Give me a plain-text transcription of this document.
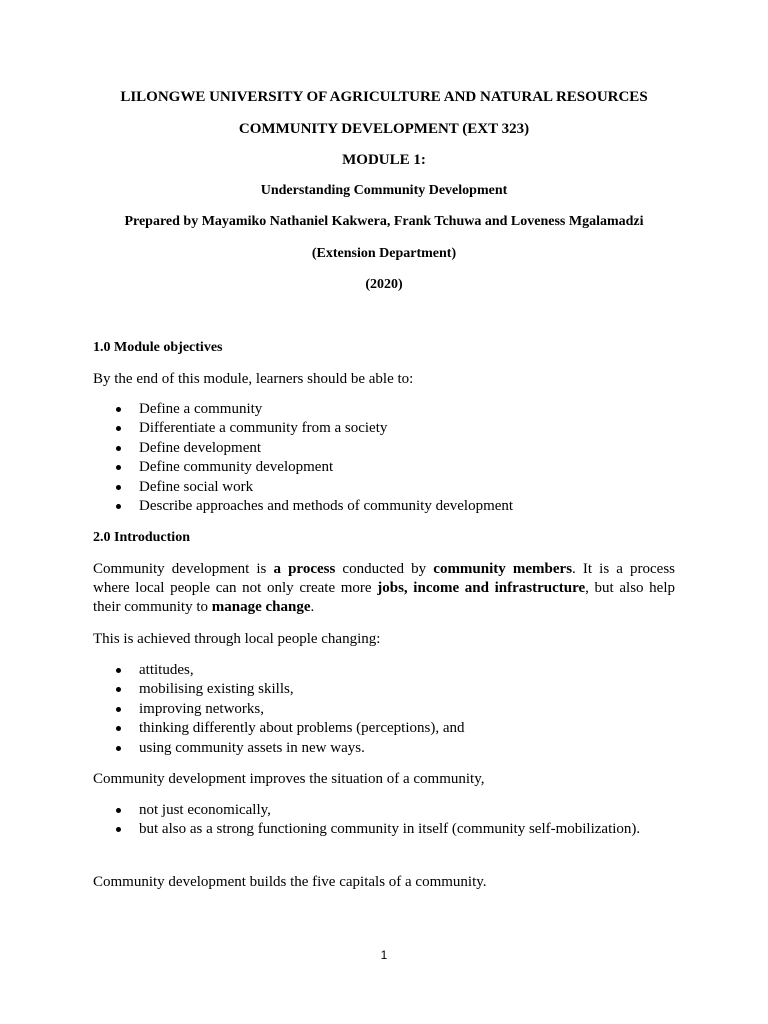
LILONGWE UNIVERSITY OF AGRICULTURE AND NATURAL RESOURCES
COMMUNITY DEVELOPMENT (EXT 323)
MODULE 1:
Understanding Community Development
Prepared by Mayamiko Nathaniel Kakwera, Frank Tchuwa and Loveness Mgalamadzi
(Extension Department)
(2020)
1.0 Module objectives
By the end of this module, learners should be able to:
Define a community
Differentiate a community from a society
Define development
Define community development
Define social work
Describe approaches and methods of community development
2.0 Introduction
Community development is a process conducted by community members. It is a process where local people can not only create more jobs, income and infrastructure, but also help their community to manage change.
This is achieved through local people changing:
attitudes,
mobilising existing skills,
improving networks,
thinking differently about problems (perceptions), and
using community assets in new ways.
Community development improves the situation of a community,
not just economically,
but also as a strong functioning community in itself (community self-mobilization).
Community development builds the five capitals of a community.
1
